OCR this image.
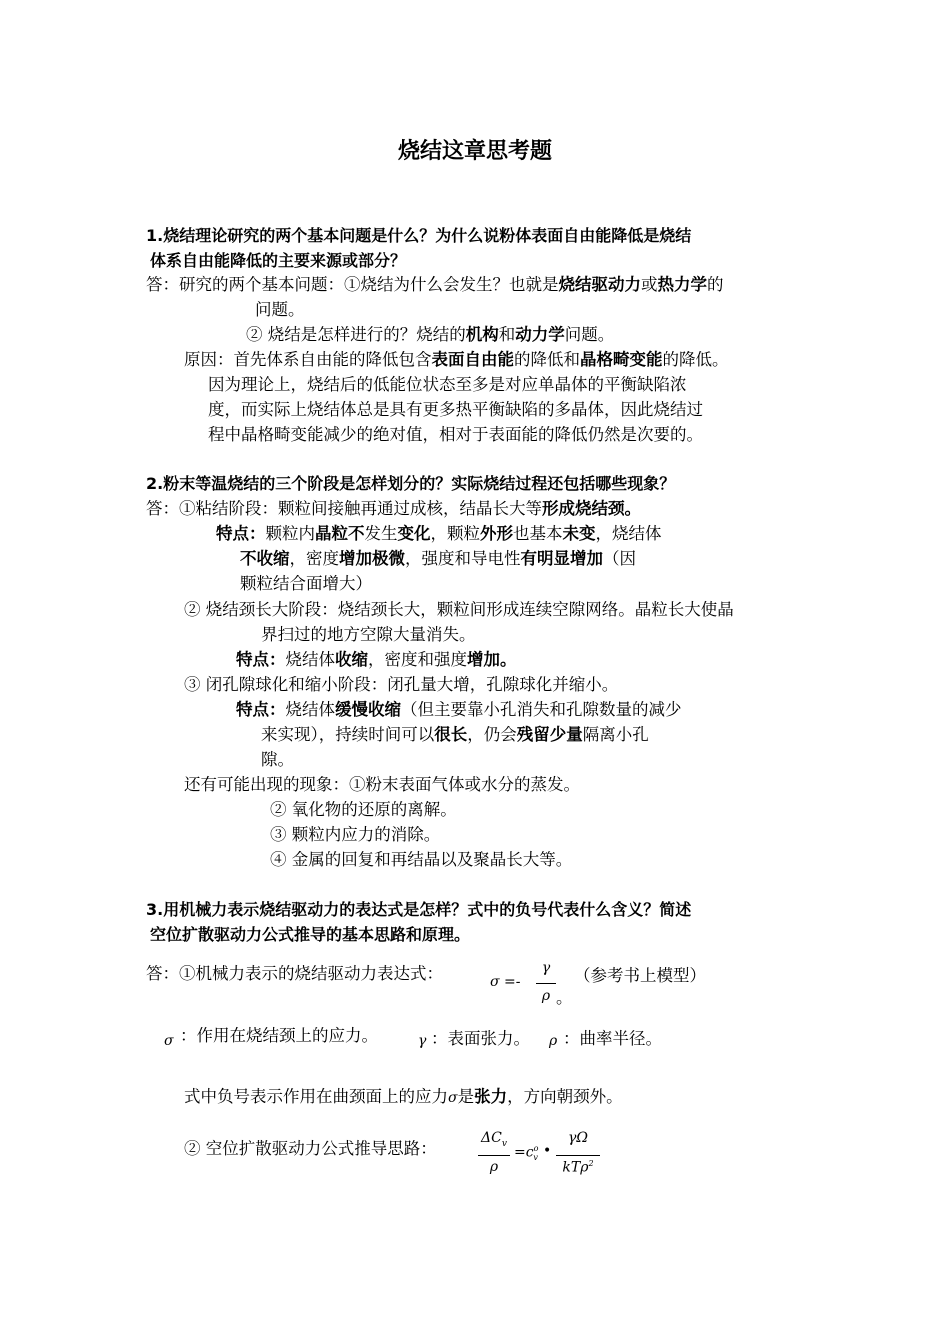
烧结这章思考题
1.烧结理论研究的两个基本问题是什么？为什么说粉体表面自由能降低是烧结
体系自由能降低的主要来源或部分？
答：研究的两个基本问题：①烧结为什么会发生？也就是烧结驱动力或热力学的
问题。
② 烧结是怎样进行的？烧结的机构和动力学问题。
原因：首先体系自由能的降低包含表面自由能的降低和晶格畸变能的降低。
因为理论上，烧结后的低能位状态至多是对应单晶体的平衡缺陷浓
度，而实际上烧结体总是具有更多热平衡缺陷的多晶体，因此烧结过
程中晶格畸变能减少的绝对值，相对于表面能的降低仍然是次要的。
2.粉末等温烧结的三个阶段是怎样划分的？实际烧结过程还包括哪些现象？
答：①粘结阶段：颗粒间接触再通过成核，结晶长大等形成烧结颈。
特点：颗粒内晶粒不发生变化，颗粒外形也基本未变，烧结体
不收缩，密度增加极微，强度和导电性有明显增加（因
颗粒结合面增大）
② 烧结颈长大阶段：烧结颈长大，颗粒间形成连续空隙网络。晶粒长大使晶
界扫过的地方空隙大量消失。
特点：烧结体收缩，密度和强度增加。
③ 闭孔隙球化和缩小阶段：闭孔量大增，孔隙球化并缩小。
特点：烧结体缓慢收缩（但主要靠小孔消失和孔隙数量的减少
来实现），持续时间可以很长，仍会残留少量隔离小孔
隙。
还有可能出现的现象：①粉末表面气体或水分的蒸发。
② 氧化物的还原的离解。
③ 颗粒内应力的消除。
④ 金属的回复和再结晶以及聚晶长大等。
3.用机械力表示烧结驱动力的表达式是怎样？式中的负号代表什么含义？简述
空位扩散驱动力公式推导的基本思路和原理。
答：①机械力表示的烧结驱动力表达式：	σ =-
γ
ρ 。
（参考书上模型）
σ ：作用在烧结颈上的应力。	γ ：表面张力。 ρ ：曲率半径。
式中负号表示作用在曲颈面上的应力σ是张力，方向朝颈外。
② 空位扩散驱动力公式推导思路：
$\Delta C_v$
ρ
$=c^o_v$ •
γΩ
kTρ$^2$
